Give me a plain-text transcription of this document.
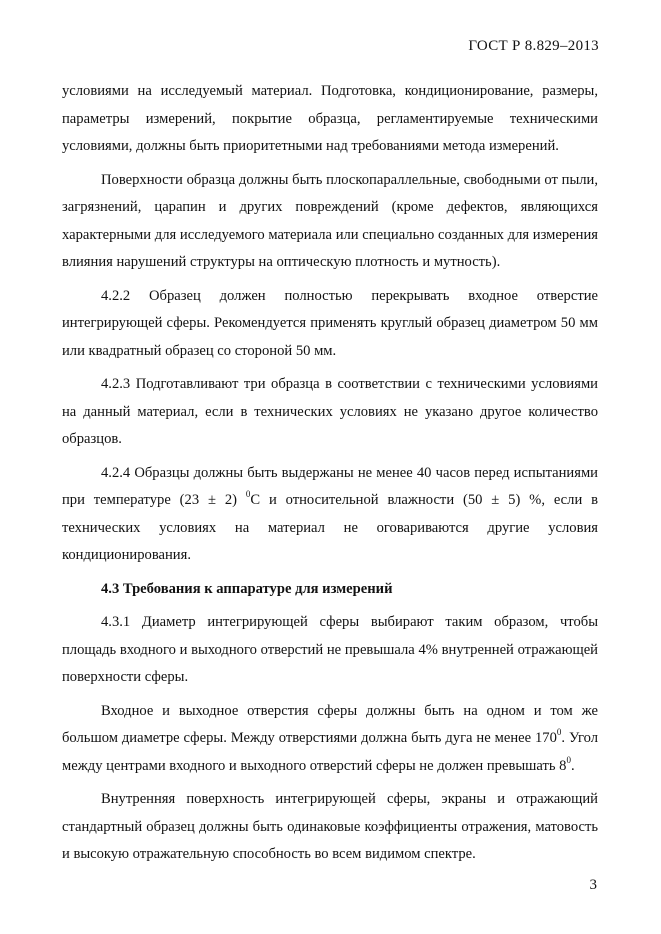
ГОСТ Р 8.829–2013

условиями на исследуемый материал. Подготовка, кондиционирование, размеры, параметры измерений, покрытие образца, регламентируемые техническими условиями, должны быть приоритетными над требованиями метода измерений.

Поверхности образца должны быть плоскопараллельные, свободными от пыли, загрязнений, царапин и других повреждений (кроме дефектов, являющихся характерными для исследуемого материала или специально созданных для измерения влияния нарушений структуры на оптическую плотность и мутность).

4.2.2 Образец должен полностью перекрывать входное отверстие интегрирующей сферы. Рекомендуется применять круглый образец диаметром 50 мм или квадратный образец со стороной 50 мм.

4.2.3 Подготавливают три образца в соответствии с техническими условиями на данный материал, если в технических условиях не указано другое количество образцов.

4.2.4 Образцы должны быть выдержаны не менее 40 часов перед испытаниями при температуре (23 ± 2) $^0$С и относительной влажности (50 ± 5) %, если в технических условиях на материал не оговариваются другие условия кондиционирования.

4.3 Требования к аппаратуре для измерений

4.3.1 Диаметр интегрирующей сферы выбирают таким образом, чтобы площадь входного и выходного отверстий не превышала 4% внутренней отражающей поверхности сферы.

Входное и выходное отверстия сферы должны быть на одном и том же большом диаметре сферы. Между отверстиями должна быть дуга не менее $170^0$. Угол между центрами входного и выходного отверстий сферы не должен превышать $8^0$.

Внутренняя поверхность интегрирующей сферы, экраны и отражающий стандартный образец должны быть одинаковые коэффициенты отражения, матовость и высокую отражательную способность во всем видимом спектре.

3
